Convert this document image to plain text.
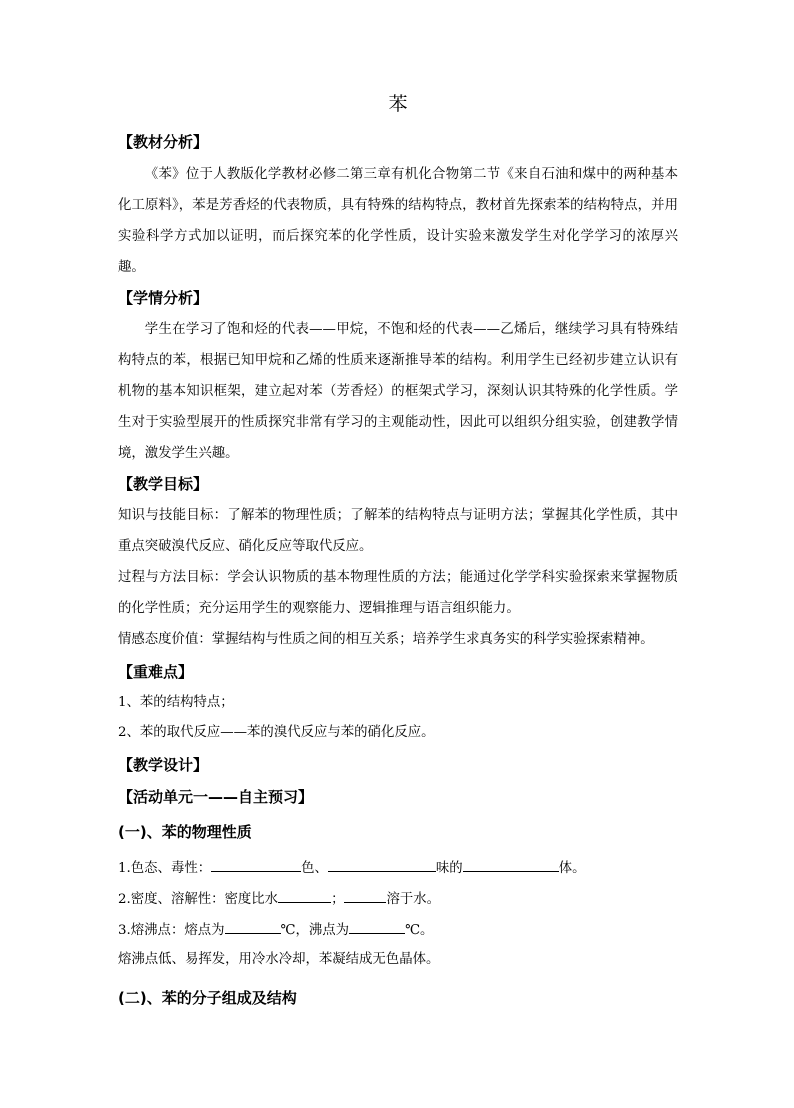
苯
【教材分析】
《苯》位于人教版化学教材必修二第三章有机化合物第二节《来自石油和煤中的两种基本化工原料》，苯是芳香烃的代表物质，具有特殊的结构特点，教材首先探索苯的结构特点，并用实验科学方式加以证明，而后探究苯的化学性质，设计实验来激发学生对化学学习的浓厚兴趣。
【学情分析】
学生在学习了饱和烃的代表——甲烷，不饱和烃的代表——乙烯后，继续学习具有特殊结构特点的苯，根据已知甲烷和乙烯的性质来逐渐推导苯的结构。利用学生已经初步建立认识有机物的基本知识框架，建立起对苯（芳香烃）的框架式学习，深刻认识其特殊的化学性质。学生对于实验型展开的性质探究非常有学习的主观能动性，因此可以组织分组实验，创建教学情境，激发学生兴趣。
【教学目标】
知识与技能目标：了解苯的物理性质；了解苯的结构特点与证明方法；掌握其化学性质，其中重点突破溴代反应、硝化反应等取代反应。
过程与方法目标：学会认识物质的基本物理性质的方法；能通过化学学科实验探索来掌握物质的化学性质；充分运用学生的观察能力、逻辑推理与语言组织能力。
情感态度价值：掌握结构与性质之间的相互关系；培养学生求真务实的科学实验探索精神。
【重难点】
1、苯的结构特点；
2、苯的取代反应——苯的溴代反应与苯的硝化反应。
【教学设计】
【活动单元一——自主预习】
(一)、苯的物理性质
1.色态、毒性：	色、	味的	体。
2.密度、溶解性：密度比水	；	溶于水。
3.熔沸点：熔点为	℃，沸点为	℃。
熔沸点低、易挥发，用冷水冷却，苯凝结成无色晶体。
(二)、苯的分子组成及结构
